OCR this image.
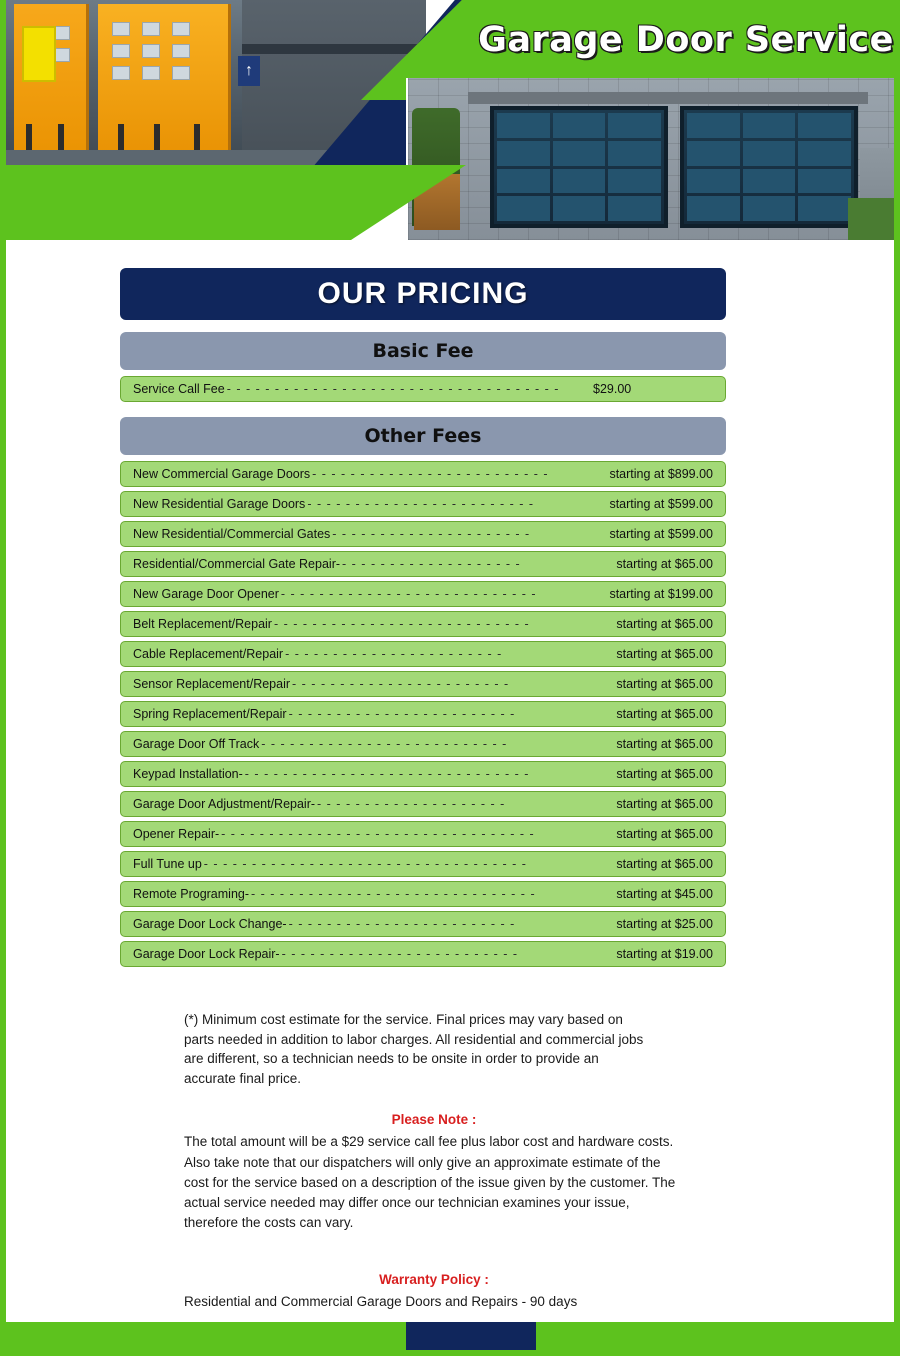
↑
Garage Door Service
OUR PRICING
Basic Fee
Service Call Fee - - - - - - - - - - - - - - - - - - - - - - - - - - - - - - - - - - -	$29.00
Other Fees
New Commercial Garage Doors - - - - - - - - - - - - - - - - - - - - - - - - -	starting at $899.00
New Residential Garage Doors - - - - - - - - - - - - - - - - - - - - - - - -	starting at $599.00
New Residential/Commercial Gates - - - - - - - - - - - - - - - - - - - - -	starting at $599.00
Residential/Commercial Gate Repair- - - - - - - - - - - - - - - - - - - -	starting at $65.00
New Garage Door Opener - - - - - - - - - - - - - - - - - - - - - - - - - - -	starting at $199.00
Belt Replacement/Repair - - - - - - - - - - - - - - - - - - - - - - - - - - -	starting at $65.00
Cable Replacement/Repair - - - - - - - - - - - - - - - - - - - - - - -	starting at $65.00
Sensor Replacement/Repair - - - - - - - - - - - - - - - - - - - - - - -	starting at $65.00
Spring Replacement/Repair - - - - - - - - - - - - - - - - - - - - - - - -	starting at $65.00
Garage Door Off Track - - - - - - - - - - - - - - - - - - - - - - - - - -	starting at $65.00
Keypad Installation- - - - - - - - - - - - - - - - - - - - - - - - - - - - - - -	starting at $65.00
Garage Door Adjustment/Repair- - - - - - - - - - - - - - - - - - - - -	starting at $65.00
Opener Repair- - - - - - - - - - - - - - - - - - - - - - - - - - - - - - - - - -	starting at $65.00
Full Tune up - - - - - - - - - - - - - - - - - - - - - - - - - - - - - - - - - -	starting at $65.00
Remote Programing- - - - - - - - - - - - - - - - - - - - - - - - - - - - - - -	starting at $45.00
Garage Door Lock Change- - - - - - - - - - - - - - - - - - - - - - - - -	starting at $25.00
Garage Door Lock Repair- - - - - - - - - - - - - - - - - - - - - - - - - -	starting at $19.00
(*) Minimum cost estimate for the service. Final prices may vary based on parts needed in addition to labor charges. All residential and commercial jobs are different, so a technician needs to be onsite in order to provide an accurate final price.
Please Note :
The total amount will be a $29 service call fee plus labor cost and hardware costs. Also take note that our dispatchers will only give an approximate estimate of the cost for the service based on a description of the issue given by the customer. The actual service needed may differ once our technician examines your issue, therefore the costs can vary.
Warranty Policy :
Residential and Commercial Garage Doors and Repairs - 90 days
